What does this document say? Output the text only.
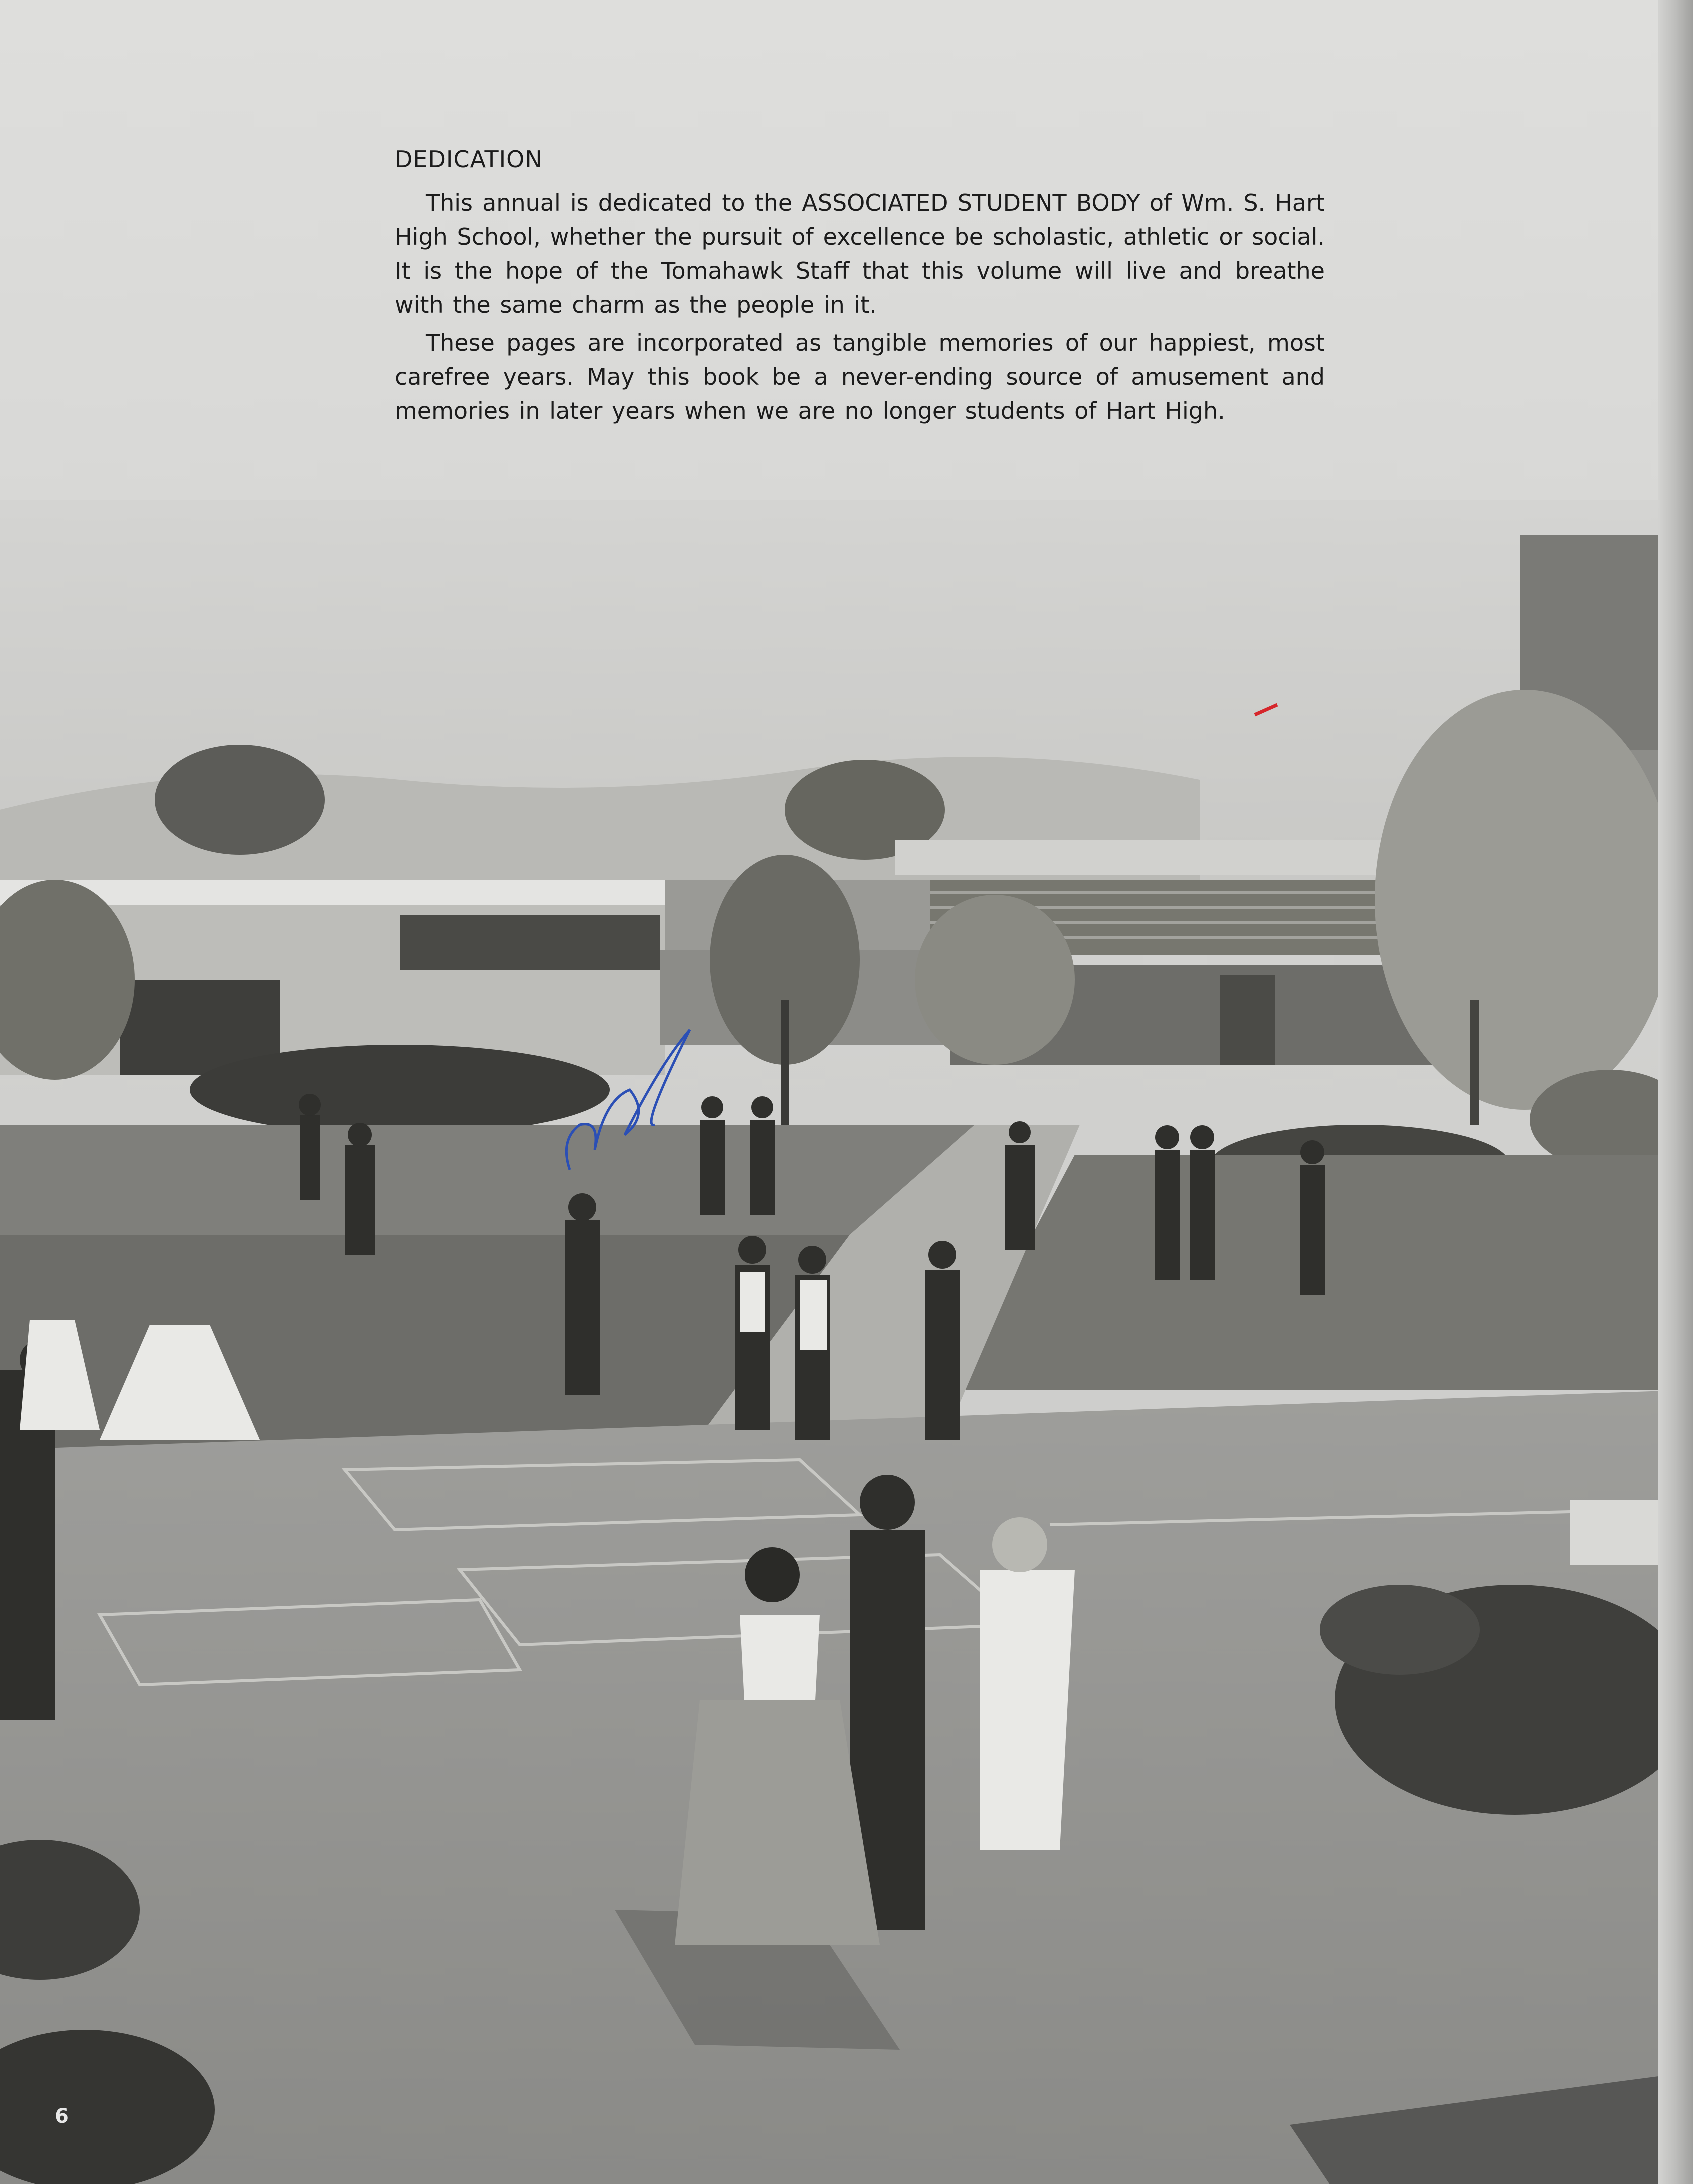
DEDICATION

This annual is dedicated to the ASSOCIATED STUDENT BODY of Wm. S. Hart High School, whether the pursuit of excellence be scholastic, athletic or social. It is the hope of the Tomahawk Staff that this volume will live and breathe with the same charm as the people in it.

These pages are incorporated as tangible memories of our happiest, most carefree years. May this book be a never-ending source of amusement and memories in later years when we are no longer students of Hart High.

6
